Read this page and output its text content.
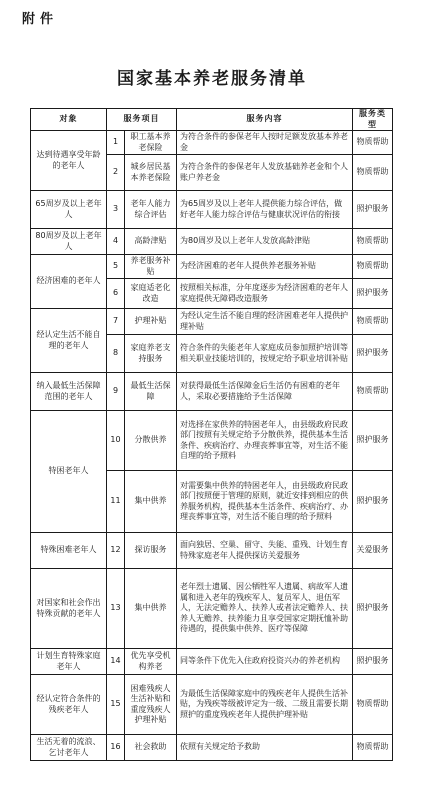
附件
国家基本养老服务清单
对象	服务项目		服务内容	服务类型
达到待遇享受年龄的老年人	1	职工基本养老保险	为符合条件的参保老年人按时足额发放基本养老金	物质帮助
	2	城乡居民基本养老保险	为符合条件的参保老年人发放基础养老金和个人账户养老金	物质帮助
65周岁及以上老年人	3	老年人能力综合评估	为65周岁及以上老年人提供能力综合评估，做好老年人能力综合评估与健康状况评估的衔接	照护服务
80周岁及以上老年人	4	高龄津贴	为80周岁及以上老年人发放高龄津贴	物质帮助
经济困难的老年人	5	养老服务补贴	为经济困难的老年人提供养老服务补贴	物质帮助
	6	家庭适老化改造	按照相关标准，分年度逐步为经济困难的老年人家庭提供无障碍改造服务	照护服务
经认定生活不能自理的老年人	7	护理补贴	为经认定生活不能自理的经济困难老年人提供护理补贴	物质帮助
	8	家庭养老支持服务	符合条件的失能老年人家庭成员参加照护培训等相关职业技能培训的，按规定给予职业培训补贴	照护服务
纳入最低生活保障范围的老年人	9	最低生活保障	对获得最低生活保障金后生活仍有困难的老年人，采取必要措施给予生活保障	物质帮助
特困老年人	10	分散供养	对选择在家供养的特困老年人，由县级政府民政部门按照有关规定给予分散供养，提供基本生活条件、疾病治疗、办理丧葬事宜等，对生活不能自理的给予照料	照护服务
	11	集中供养	对需要集中供养的特困老年人，由县级政府民政部门按照便于管理的原则，就近安排到相应的供养服务机构，提供基本生活条件、疾病治疗、办理丧葬事宜等，对生活不能自理的给予照料	照护服务
特殊困难老年人	12	探访服务	面向独居、空巢、留守、失能、重残、计划生育特殊家庭老年人提供探访关爱服务	关爱服务
对国家和社会作出特殊贡献的老年人	13	集中供养	老年烈士遗属、因公牺牲军人遗属、病故军人遗属和进入老年的残疾军人、复员军人、退伍军人，无法定赡养人、扶养人或者法定赡养人、扶养人无赡养、扶养能力且享受国家定期抚恤补助待遇的，提供集中供养、医疗等保障	照护服务
计划生育特殊家庭老年人	14	优先享受机构养老	同等条件下优先入住政府投资兴办的养老机构	照护服务
经认定符合条件的残疾老年人	15	困难残疾人生活补贴和重度残疾人护理补贴	为最低生活保障家庭中的残疾老年人提供生活补贴，为残疾等级被评定为一级、二级且需要长期照护的重度残疾老年人提供护理补贴	物质帮助
生活无着的流浪、乞讨老年人	16	社会救助	依照有关规定给予救助	物质帮助
